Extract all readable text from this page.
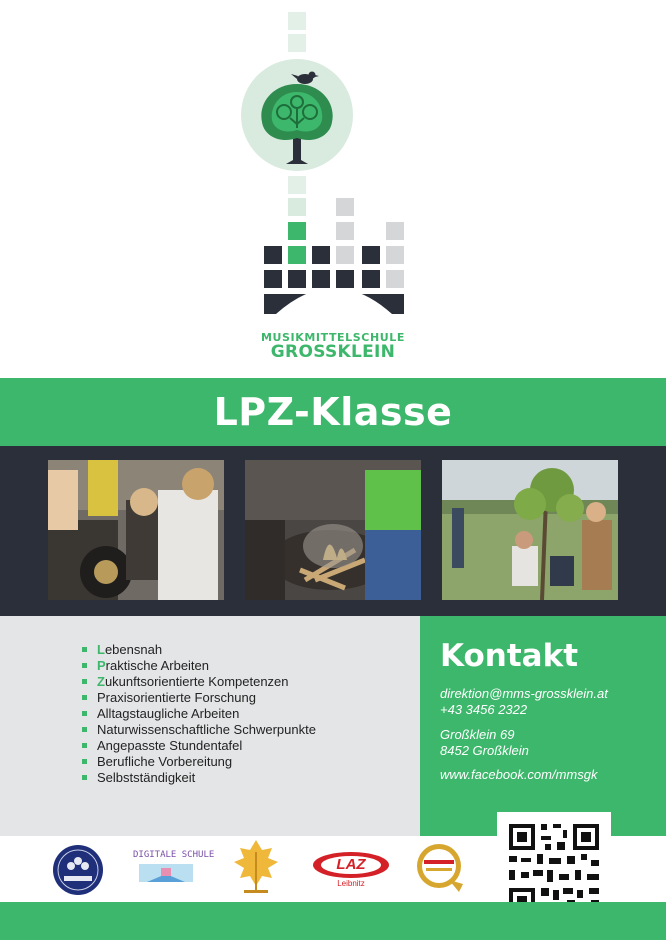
MUSIKMITTELSCHULE
GROSSKLEIN
LPZ-Klasse
L ebensnah
P raktische Arbeiten
Z ukunftsorientierte Kompetenzen
Praxisorientierte Forschung
Alltagstaugliche Arbeiten
Naturwissenschaftliche Schwerpunkte
Angepasste Stundentafel
Berufliche Vorbereitung
Selbstständigkeit
Kontakt
direktion@mms-grossklein.at
+43 3456 2322
Großklein 69
8452 Großklein
www.facebook.com/mmsgk
DIGITALE SCHULE
LAZ
Leibnitz
